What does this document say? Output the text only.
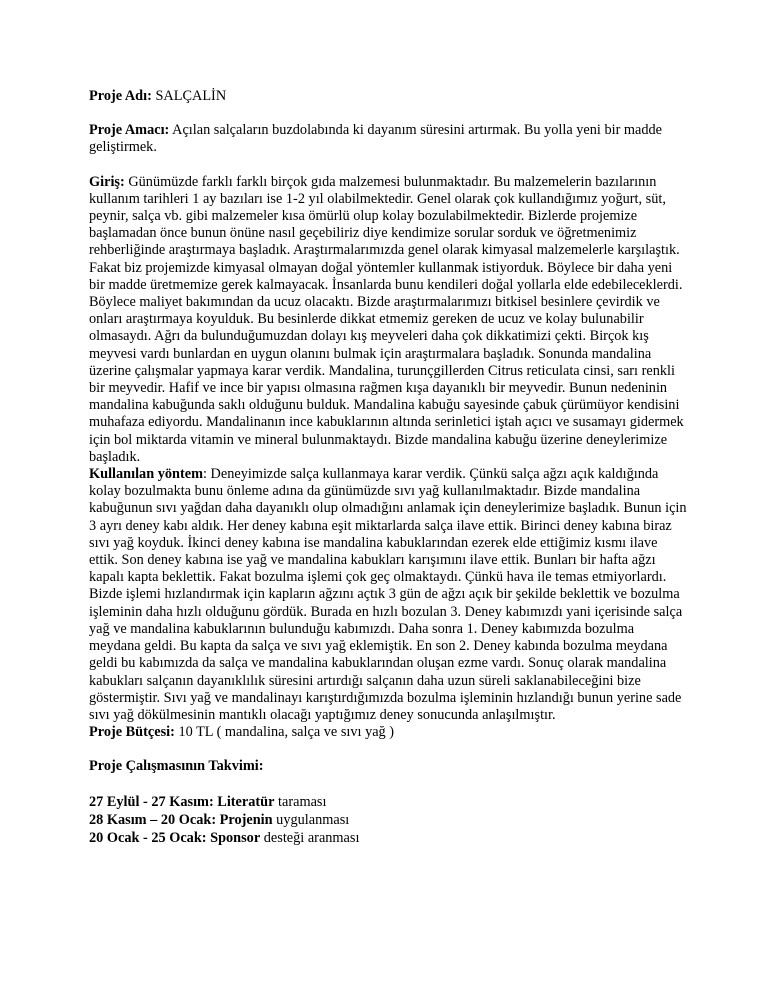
Proje Adı: SALÇALİN

Proje Amacı: Açılan salçaların buzdolabında ki dayanım süresini artırmak. Bu yolla yeni bir madde geliştirmek.

Giriş: Günümüzde farklı farklı birçok gıda malzemesi bulunmaktadır. Bu malzemelerin bazılarının kullanım tarihleri 1 ay bazıları ise 1-2 yıl olabilmektedir. Genel olarak çok kullandığımız yoğurt, süt, peynir, salça vb. gibi malzemeler kısa ömürlü olup kolay bozulabilmektedir. Bizlerde projemize başlamadan önce bunun önüne nasıl geçebiliriz diye kendimize sorular sorduk ve öğretmenimiz rehberliğinde araştırmaya başladık. Araştırmalarımızda genel olarak kimyasal malzemelerle karşılaştık. Fakat biz projemizde kimyasal olmayan doğal yöntemler kullanmak istiyorduk. Böylece bir daha yeni bir madde üretmemize gerek kalmayacak. İnsanlarda bunu kendileri doğal yollarla elde edebileceklerdi. Böylece maliyet bakımından da ucuz olacaktı. Bizde araştırmalarımızı bitkisel besinlere çevirdik ve onları araştırmaya koyulduk. Bu besinlerde dikkat etmemiz gereken de ucuz ve kolay bulunabilir olmasaydı. Ağrı da bulunduğumuzdan dolayı kış meyveleri daha çok dikkatimizi çekti. Birçok kış meyvesi vardı bunlardan en uygun olanını bulmak için araştırmalara başladık. Sonunda mandalina üzerine çalışmalar yapmaya karar verdik. Mandalina, turunçgillerden Citrus reticulata cinsi, sarı renkli bir meyvedir. Hafif ve ince bir yapısı olmasına rağmen kışa dayanıklı bir meyvedir. Bunun nedeninin mandalina kabuğunda saklı olduğunu bulduk. Mandalina kabuğu sayesinde çabuk çürümüyor kendisini muhafaza ediyordu. Mandalinanın ince kabuklarının altında serinletici iştah açıcı ve susamayı gidermek için bol miktarda vitamin ve mineral bulunmaktaydı. Bizde mandalina kabuğu üzerine deneylerimize başladık.

Kullanılan yöntem: Deneyimizde salça kullanmaya karar verdik. Çünkü salça ağzı açık kaldığında kolay bozulmakta bunu önleme adına da günümüzde sıvı yağ kullanılmaktadır. Bizde mandalina kabuğunun sıvı yağdan daha dayanıklı olup olmadığını anlamak için deneylerimize başladık. Bunun için 3 ayrı deney kabı aldık. Her deney kabına eşit miktarlarda salça ilave ettik. Birinci deney kabına biraz sıvı yağ koyduk. İkinci deney kabına ise mandalina kabuklarından ezerek elde ettiğimiz kısmı ilave ettik. Son deney kabına ise yağ ve mandalina kabukları karışımını ilave ettik. Bunları bir hafta ağzı kapalı kapta beklettik. Fakat bozulma işlemi çok geç olmaktaydı. Çünkü hava ile temas etmiyorlardı. Bizde işlemi hızlandırmak için kapların ağzını açtık 3 gün de ağzı açık bir şekilde beklettik ve bozulma işleminin daha hızlı olduğunu gördük. Burada en hızlı bozulan 3. Deney kabımızdı yani içerisinde salça yağ ve mandalina kabuklarının bulunduğu kabımızdı. Daha sonra 1. Deney kabımızda bozulma meydana geldi. Bu kapta da salça ve sıvı yağ eklemiştik. En son 2. Deney kabında bozulma meydana geldi bu kabımızda da salça ve mandalina kabuklarından oluşan ezme vardı. Sonuç olarak mandalina kabukları salçanın dayanıklılık süresini artırdığı salçanın daha uzun süreli saklanabileceğini bize göstermiştir. Sıvı yağ ve mandalinayı karıştırdığımızda bozulma işleminin hızlandığı bunun yerine sade sıvı yağ dökülmesinin mantıklı olacağı yaptığımız deney sonucunda anlaşılmıştır.

Proje Bütçesi: 10 TL ( mandalina, salça ve sıvı yağ )

Proje Çalışmasının Takvimi:

27 Eylül - 27 Kasım: Literatür taraması

28 Kasım – 20 Ocak: Projenin uygulanması

20 Ocak - 25 Ocak: Sponsor desteği aranması
